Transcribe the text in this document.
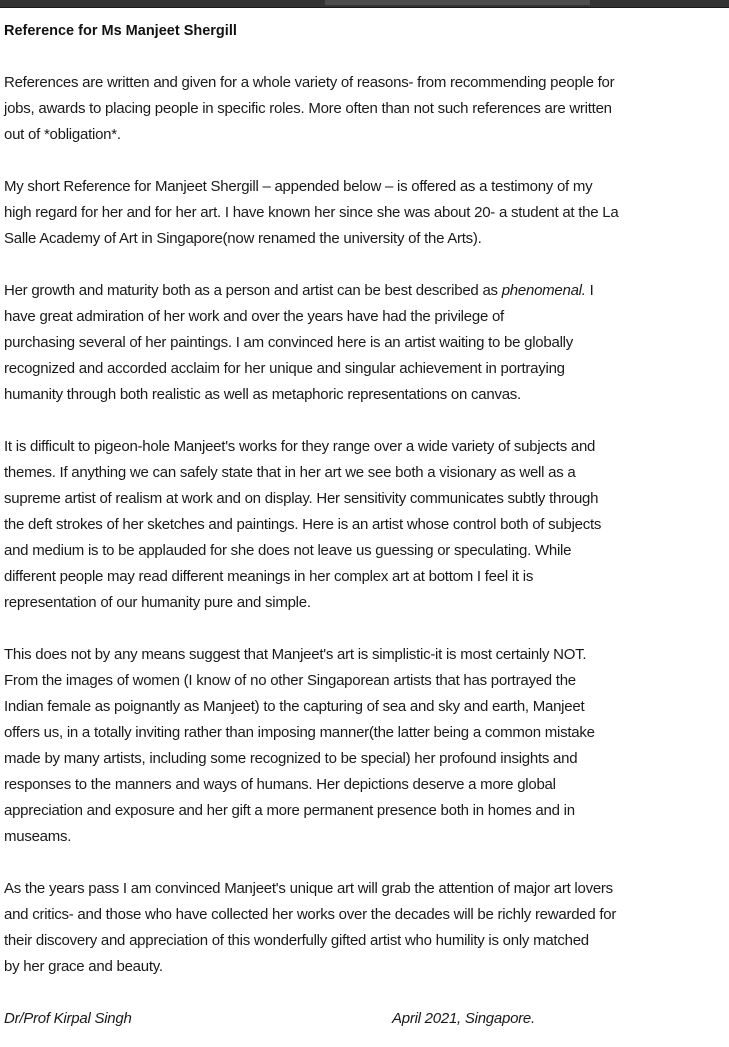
Reference for Ms Manjeet Shergill

References are written and given for a whole variety of reasons- from recommending people for
jobs, awards to placing people in specific roles. More often than not such references are written
out of *obligation*.

My short Reference for Manjeet Shergill – appended below – is offered as a testimony of my
high regard for her and for her art. I have known her since she was about 20- a student at the La
Salle Academy of Art in Singapore(now renamed the university of the Arts).

Her growth and maturity both as a person and artist can be best described as phenomenal. I
have great admiration of her work and over the years have had the privilege of
purchasing several of her paintings. I am convinced here is an artist waiting to be globally
recognized and accorded acclaim for her unique and singular achievement in portraying
humanity through both realistic as well as metaphoric representations on canvas.

It is difficult to pigeon-hole Manjeet's works for they range over a wide variety of subjects and
themes. If anything we can safely state that in her art we see both a visionary as well as a
supreme artist of realism at work and on display. Her sensitivity communicates subtly through
the deft strokes of her sketches and paintings. Here is an artist whose control both of subjects
and medium is to be applauded for she does not leave us guessing or speculating. While
different people may read different meanings in her complex art at bottom I feel it is
representation of our humanity pure and simple.

This does not by any means suggest that Manjeet's art is simplistic-it is most certainly NOT.
From the images of women (I know of no other Singaporean artists that has portrayed the
Indian female as poignantly as Manjeet) to the capturing of sea and sky and earth, Manjeet
offers us, in a totally inviting rather than imposing manner(the latter being a common mistake
made by many artists, including some recognized to be special) her profound insights and
responses to the manners and ways of humans. Her depictions deserve a more global
appreciation and exposure and her gift a more permanent presence both in homes and in
museams.

As the years pass I am convinced Manjeet's unique art will grab the attention of major art lovers
and critics- and those who have collected her works over the decades will be richly rewarded for
their discovery and appreciation of this wonderfully gifted artist who humility is only matched
by her grace and beauty.

Dr/Prof Kirpal Singh	April 2021, Singapore.
